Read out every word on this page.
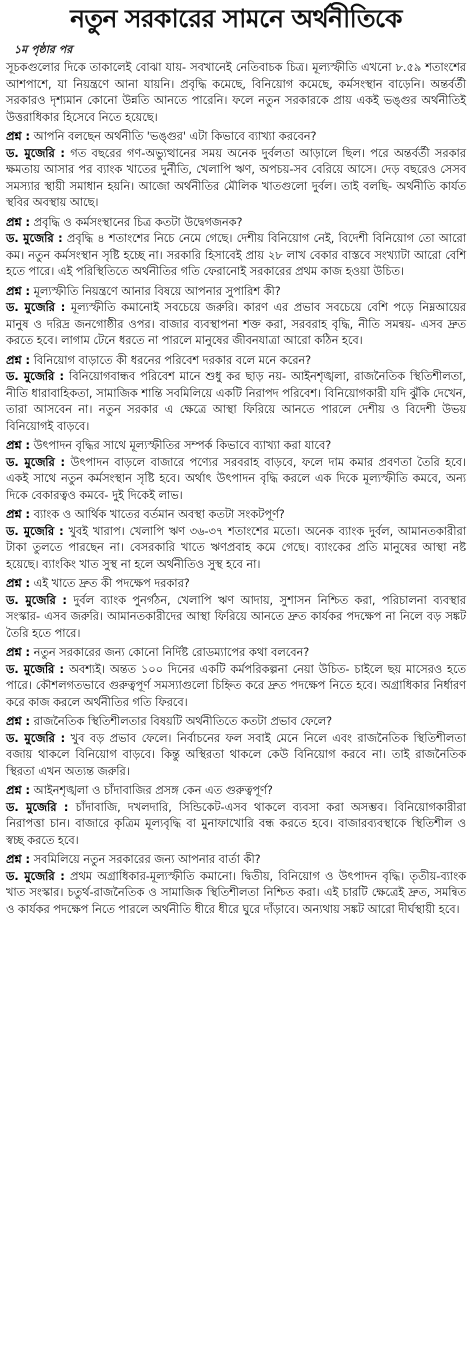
নতুন সরকারের সামনে অর্থনীতিকে
১ম পৃষ্ঠার পর

সূচকগুলোর দিকে তাকালেই বোঝা যায়- সবখানেই নেতিবাচক চিত্র। মূল্যস্ফীতি এখনো ৮.৫৯ শতাংশের আশপাশে, যা নিয়ন্ত্রণে আনা যায়নি। প্রবৃদ্ধি কমেছে, বিনিয়োগ কমেছে, কর্মসংস্থান বাড়েনি। অন্তর্বর্তী সরকারও দৃশ্যমান কোনো উন্নতি আনতে পারেনি। ফলে নতুন সরকারকে প্রায় একই ভঙ্গুর অর্থনীতিই উত্তরাধিকার হিসেবে নিতে হয়েছে।

প্রশ্ন : আপনি বলছেন অর্থনীতি 'ভঙ্গুর' এটা কিভাবে ব্যাখ্যা করবেন?

ড. মুজেরি : গত বছরের গণ-অভ্যুত্থানের সময় অনেক দুর্বলতা আড়ালে ছিল। পরে অন্তর্বর্তী সরকার ক্ষমতায় আসার পর ব্যাংক খাতের দুর্নীতি, খেলাপি ঋণ, অপচয়-সব বেরিয়ে আসে। দেড় বছরেও সেসব সমস্যার স্থায়ী সমাধান হয়নি। আজো অর্থনীতির মৌলিক খাতগুলো দুর্বল। তাই বলছি- অর্থনীতি কার্যত স্থবির অবস্থায় আছে।

প্রশ্ন : প্রবৃদ্ধি ও কর্মসংস্থানের চিত্র কতটা উদ্বেগজনক?

ড. মুজেরি : প্রবৃদ্ধি ৪ শতাংশের নিচে নেমে গেছে। দেশীয় বিনিয়োগ নেই, বিদেশী বিনিয়োগ তো আরো কম। নতুন কর্মসংস্থান সৃষ্টি হচ্ছে না। সরকারি হিসাবেই প্রায় ২৮ লাখ বেকার বাস্তবে সংখ্যাটা আরো বেশি হতে পারে। এই পরিস্থিতিতে অর্থনীতির গতি ফেরানোই সরকারের প্রথম কাজ হওয়া উচিত।

প্রশ্ন : মূল্যস্ফীতি নিয়ন্ত্রণে আনার বিষয়ে আপনার সুপারিশ কী?

ড. মুজেরি : মূল্যস্ফীতি কমানোই সবচেয়ে জরুরি। কারণ এর প্রভাব সবচেয়ে বেশি পড়ে নিম্নআয়ের মানুষ ও দরিদ্র জনগোষ্ঠীর ওপর। বাজার ব্যবস্থাপনা শক্ত করা, সরবরাহ বৃদ্ধি, নীতি সমন্বয়- এসব দ্রুত করতে হবে। লাগাম টেনে ধরতে না পারলে মানুষের জীবনযাত্রা আরো কঠিন হবে।

প্রশ্ন : বিনিয়োগ বাড়াতে কী ধরনের পরিবেশ দরকার বলে মনে করেন?

ড. মুজেরি : বিনিয়োগবান্ধব পরিবেশ মানে শুধু কর ছাড় নয়- আইনশৃঙ্খলা, রাজনৈতিক স্থিতিশীলতা, নীতি ধারাবাহিকতা, সামাজিক শান্তি সবমিলিয়ে একটি নিরাপদ পরিবেশ। বিনিয়োগকারী যদি ঝুঁকি দেখেন, তারা আসবেন না। নতুন সরকার এ ক্ষেত্রে আস্থা ফিরিয়ে আনতে পারলে দেশীয় ও বিদেশী উভয় বিনিয়োগই বাড়বে।

প্রশ্ন : উৎপাদন বৃদ্ধির সাথে মূল্যস্ফীতির সম্পর্ক কিভাবে ব্যাখ্যা করা যাবে?

ড. মুজেরি : উৎপাদন বাড়লে বাজারে পণ্যের সরবরাহ বাড়বে, ফলে দাম কমার প্রবণতা তৈরি হবে। একই সাথে নতুন কর্মসংস্থান সৃষ্টি হবে। অর্থাৎ উৎপাদন বৃদ্ধি করলে এক দিকে মূল্যস্ফীতি কমবে, অন্য দিকে বেকারত্বও কমবে- দুই দিকেই লাভ।

প্রশ্ন : ব্যাংক ও আর্থিক খাতের বর্তমান অবস্থা কতটা সংকটপূর্ণ?

ড. মুজেরি : খুবই খারাপ। খেলাপি ঋণ ৩৬-৩৭ শতাংশের মতো। অনেক ব্যাংক দুর্বল, আমানতকারীরা টাকা তুলতে পারছেন না। বেসরকারি খাতে ঋণপ্রবাহ কমে গেছে। ব্যাংকের প্রতি মানুষের আস্থা নষ্ট হয়েছে। ব্যাংকিং খাত সুস্থ না হলে অর্থনীতিও সুস্থ হবে না।

প্রশ্ন : এই খাতে দ্রুত কী পদক্ষেপ দরকার?

ড. মুজেরি : দুর্বল ব্যাংক পুনর্গঠন, খেলাপি ঋণ আদায়, সুশাসন নিশ্চিত করা, পরিচালনা ব্যবস্থার সংস্কার- এসব জরুরি। আমানতকারীদের আস্থা ফিরিয়ে আনতে দ্রুত কার্যকর পদক্ষেপ না নিলে বড় সঙ্কট তৈরি হতে পারে।

প্রশ্ন : নতুন সরকারের জন্য কোনো নির্দিষ্ট রোডম্যাপের কথা বলবেন?

ড. মুজেরি : অবশ্যই। অন্তত ১০০ দিনের একটি কর্মপরিকল্পনা নেয়া উচিত- চাইলে ছয় মাসেরও হতে পারে। কৌশলগতভাবে গুরুত্বপূর্ণ সমস্যাগুলো চিহ্নিত করে দ্রুত পদক্ষেপ নিতে হবে। অগ্রাধিকার নির্ধারণ করে কাজ করলে অর্থনীতির গতি ফিরবে।

প্রশ্ন : রাজনৈতিক স্থিতিশীলতার বিষয়টি অর্থনীতিতে কতটা প্রভাব ফেলে?

ড. মুজেরি : খুব বড় প্রভাব ফেলে। নির্বাচনের ফল সবাই মেনে নিলে এবং রাজনৈতিক স্থিতিশীলতা বজায় থাকলে বিনিয়োগ বাড়বে। কিন্তু অস্থিরতা থাকলে কেউ বিনিয়োগ করবে না। তাই রাজনৈতিক স্থিরতা এখন অত্যন্ত জরুরি।

প্রশ্ন : আইনশৃঙ্খলা ও চাঁদাবাজির প্রসঙ্গ কেন এত গুরুত্বপূর্ণ?

ড. মুজেরি : চাঁদাবাজি, দখলদারি, সিন্ডিকেট-এসব থাকলে ব্যবসা করা অসম্ভব। বিনিয়োগকারীরা নিরাপত্তা চান। বাজারে কৃত্রিম মূল্যবৃদ্ধি বা মুনাফাখোরি বন্ধ করতে হবে। বাজারব্যবস্থাকে স্থিতিশীল ও স্বচ্ছ করতে হবে।

প্রশ্ন : সবমিলিয়ে নতুন সরকারের জন্য আপনার বার্তা কী?

ড. মুজেরি : প্রথম অগ্রাধিকার-মূল্যস্ফীতি কমানো। দ্বিতীয়, বিনিয়োগ ও উৎপাদন বৃদ্ধি। তৃতীয়-ব্যাংক খাত সংস্কার। চতুর্থ-রাজনৈতিক ও সামাজিক স্থিতিশীলতা নিশ্চিত করা। এই চারটি ক্ষেত্রেই দ্রুত, সমন্বিত ও কার্যকর পদক্ষেপ নিতে পারলে অর্থনীতি ধীরে ধীরে ঘুরে দাঁড়াবে। অন্যথায় সঙ্কট আরো দীর্ঘস্থায়ী হবে।
